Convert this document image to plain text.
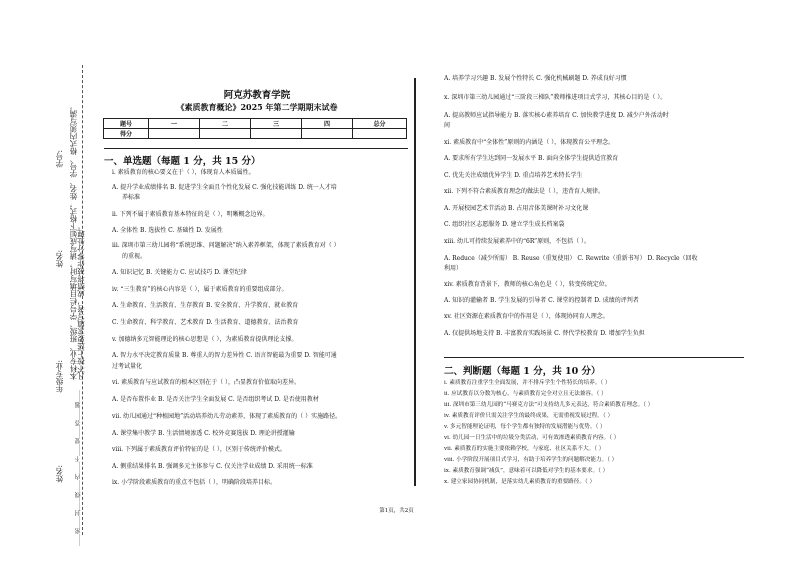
学号:
姓名: 本科专业、班级、学号栏目填写时，请写成如下格式，姓名、学号、格式内须写满，凡不按上述要求填写者，成绩将被作零分处理。
年级专业:
……密……封……线……内……不……要……答……题……
姓名:
阿克苏教育学院
《素质教育概论》2025 年第二学期期末试卷
题号	一	二	三	四	总分
得分					
一、单选题（每题 1 分，共 15 分）
i. 素质教育的核心要义在于（ ），体现育人本质属性。
A. 提升学业成绩排名 B. 促进学生全面且个性化发展 C. 强化技能训练 D. 统一人才培
养标准
ii. 下列不属于素质教育基本特征的是（ ），明晰概念边界。
A. 全体性 B. 选拔性 C. 基础性 D. 发展性
iii. 深圳市第三幼儿园将“系统思维、问题解决”纳入素养框架，体现了素质教育对（ ）
的重视。
A. 知识记忆 B. 关键能力 C. 应试技巧 D. 课堂纪律
iv. “三生教育”的核心内容是（ ），属于素质教育的重要组成部分。
A. 生命教育、生活教育、生存教育 B. 安全教育、升学教育、就业教育
C. 生命教育、科学教育、艺术教育 D. 生活教育、道德教育、法治教育
v. 加德纳多元智能理论的核心思想是（ ），为素质教育提供理论支撑。
A. 智力水平决定教育质量 B. 尊重人的智力差异性 C. 语言智能最为重要 D. 智能可通
过考试量化
vi. 素质教育与应试教育的根本区别在于（ ），凸显教育价值取向差异。
A. 是否布置作业 B. 是否关注学生全面发展 C. 是否组织考试 D. 是否使用教材
vii. 幼儿园通过“种植园地”活动培养幼儿劳动素养，体现了素质教育的（ ）实施路径。
A. 课堂集中教学 B. 生活情境渗透 C. 校外竞赛选拔 D. 理论讲授灌输
viii. 下列属于素质教育评价特征的是（ ），区别于传统评价模式。
A. 侧重结果排名 B. 强调多元主体参与 C. 仅关注学业成绩 D. 采用统一标准
ix. 小学阶段素质教育的重点不包括（ ），明确阶段培养目标。
A. 培养学习兴趣 B. 发展个性特长 C. 强化机械刷题 D. 养成良好习惯
x. 深圳市第三幼儿园通过“三阶段三梯队”教师推进项目式学习，其核心目的是（ ）。
A. 提高教师应试指导能力 B. 落实核心素养培育 C. 加快教学进度 D. 减少户外活动时
间
xi. 素质教育中“全体性”原则的内涵是（ ），体现教育公平理念。
A. 要求所有学生达到同一发展水平 B. 面向全体学生提供适宜教育
C. 优先关注成绩优异学生 D. 重点培养艺术特长学生
xii. 下列不符合素质教育理念的做法是（ ），违背育人规律。
A. 开展校园艺术节活动 B. 占用音体美课时补习文化课
C. 组织社区志愿服务 D. 建立学生成长档案袋
xiii. 幼儿可持续发展素养中的“6R”原则，不包括（ ）。
A. Reduce（减少所需） B. Reuse（重复使用） C. Rewrite（重新书写） D. Recycle（回收
利用）
xiv. 素质教育背景下，教师的核心角色是（ ），转变传统定位。
A. 知识的灌输者 B. 学生发展的引导者 C. 课堂的控制者 D. 成绩的评判者
xv. 社区资源在素质教育中的作用是（ ），体现协同育人理念。
A. 仅提供场地支持 B. 丰富教育实践场景 C. 替代学校教育 D. 增加学生负担
二、判断题（每题 1 分，共 10 分）
i. 素质教育注重学生全面发展，并不排斥学生个性特长的培养。（ ）
ii. 应试教育以分数为核心，与素质教育完全对立且无法兼容。（ ）
iii. 深圳市第三幼儿园的“马赛克方法”可支持幼儿多元表达，符合素质教育理念。（ ）
iv. 素质教育评价只需关注学生的最终成果，无需重视发展过程。（ ）
v. 多元智能理论证明，每个学生都有独特的发展潜能与优势。（ ）
vi. 幼儿园一日生活中的垃圾分类活动，可有效渗透素质教育内容。（ ）
vii. 素质教育的实施主要依赖学校，与家庭、社区关系不大。（ ）
viii. 小学阶段开展项目式学习，有助于培养学生的问题解决能力。（ ）
ix. 素质教育强调“减负”，意味着可以降低对学生的基本要求。（ ）
x. 建立家园协同机制，是落实幼儿素质教育的重要路径。（ ）
第1页，共2页
